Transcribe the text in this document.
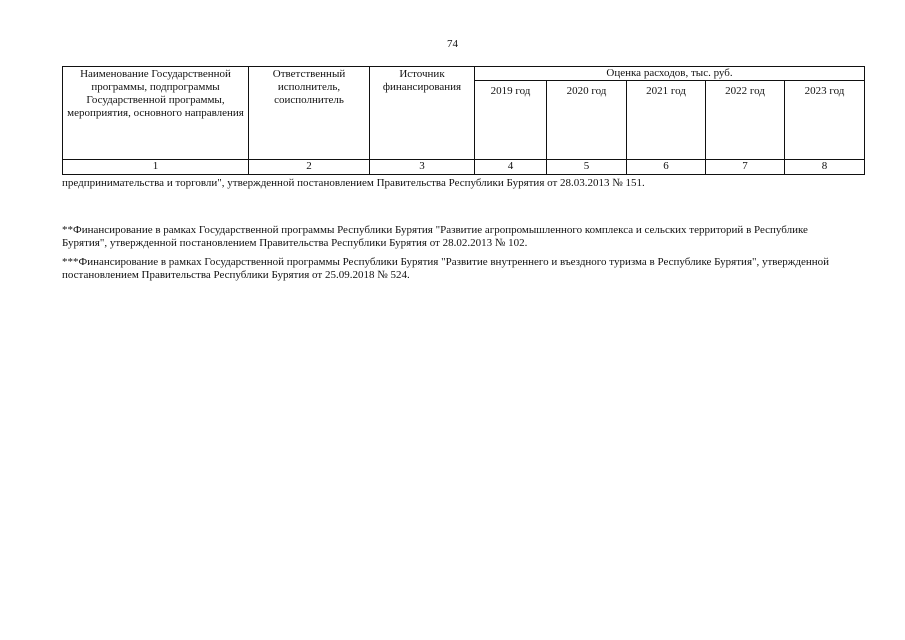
74
Наименование Государственной программы, подпрограммы Государственной программы, мероприятия, основного направления	Ответственный исполнитель, соисполнитель	Источник финансирования	Оценка расходов, тыс. руб.				
			2019 год	2020 год	2021 год	2022 год	2023 год
1	2	3	4	5	6	7	8
предпринимательства и торговли", утвержденной постановлением Правительства Республики Бурятия от 28.03.2013 № 151.
**Финансирование в рамках Государственной программы Республики Бурятия "Развитие агропромышленного комплекса и сельских территорий в Республике Бурятия", утвержденной постановлением Правительства Республики Бурятия от 28.02.2013 № 102.
***Финансирование в рамках Государственной программы Республики Бурятия "Развитие внутреннего и въездного туризма в Республике Бурятия", утвержденной постановлением Правительства Республики Бурятия от 25.09.2018 № 524.
